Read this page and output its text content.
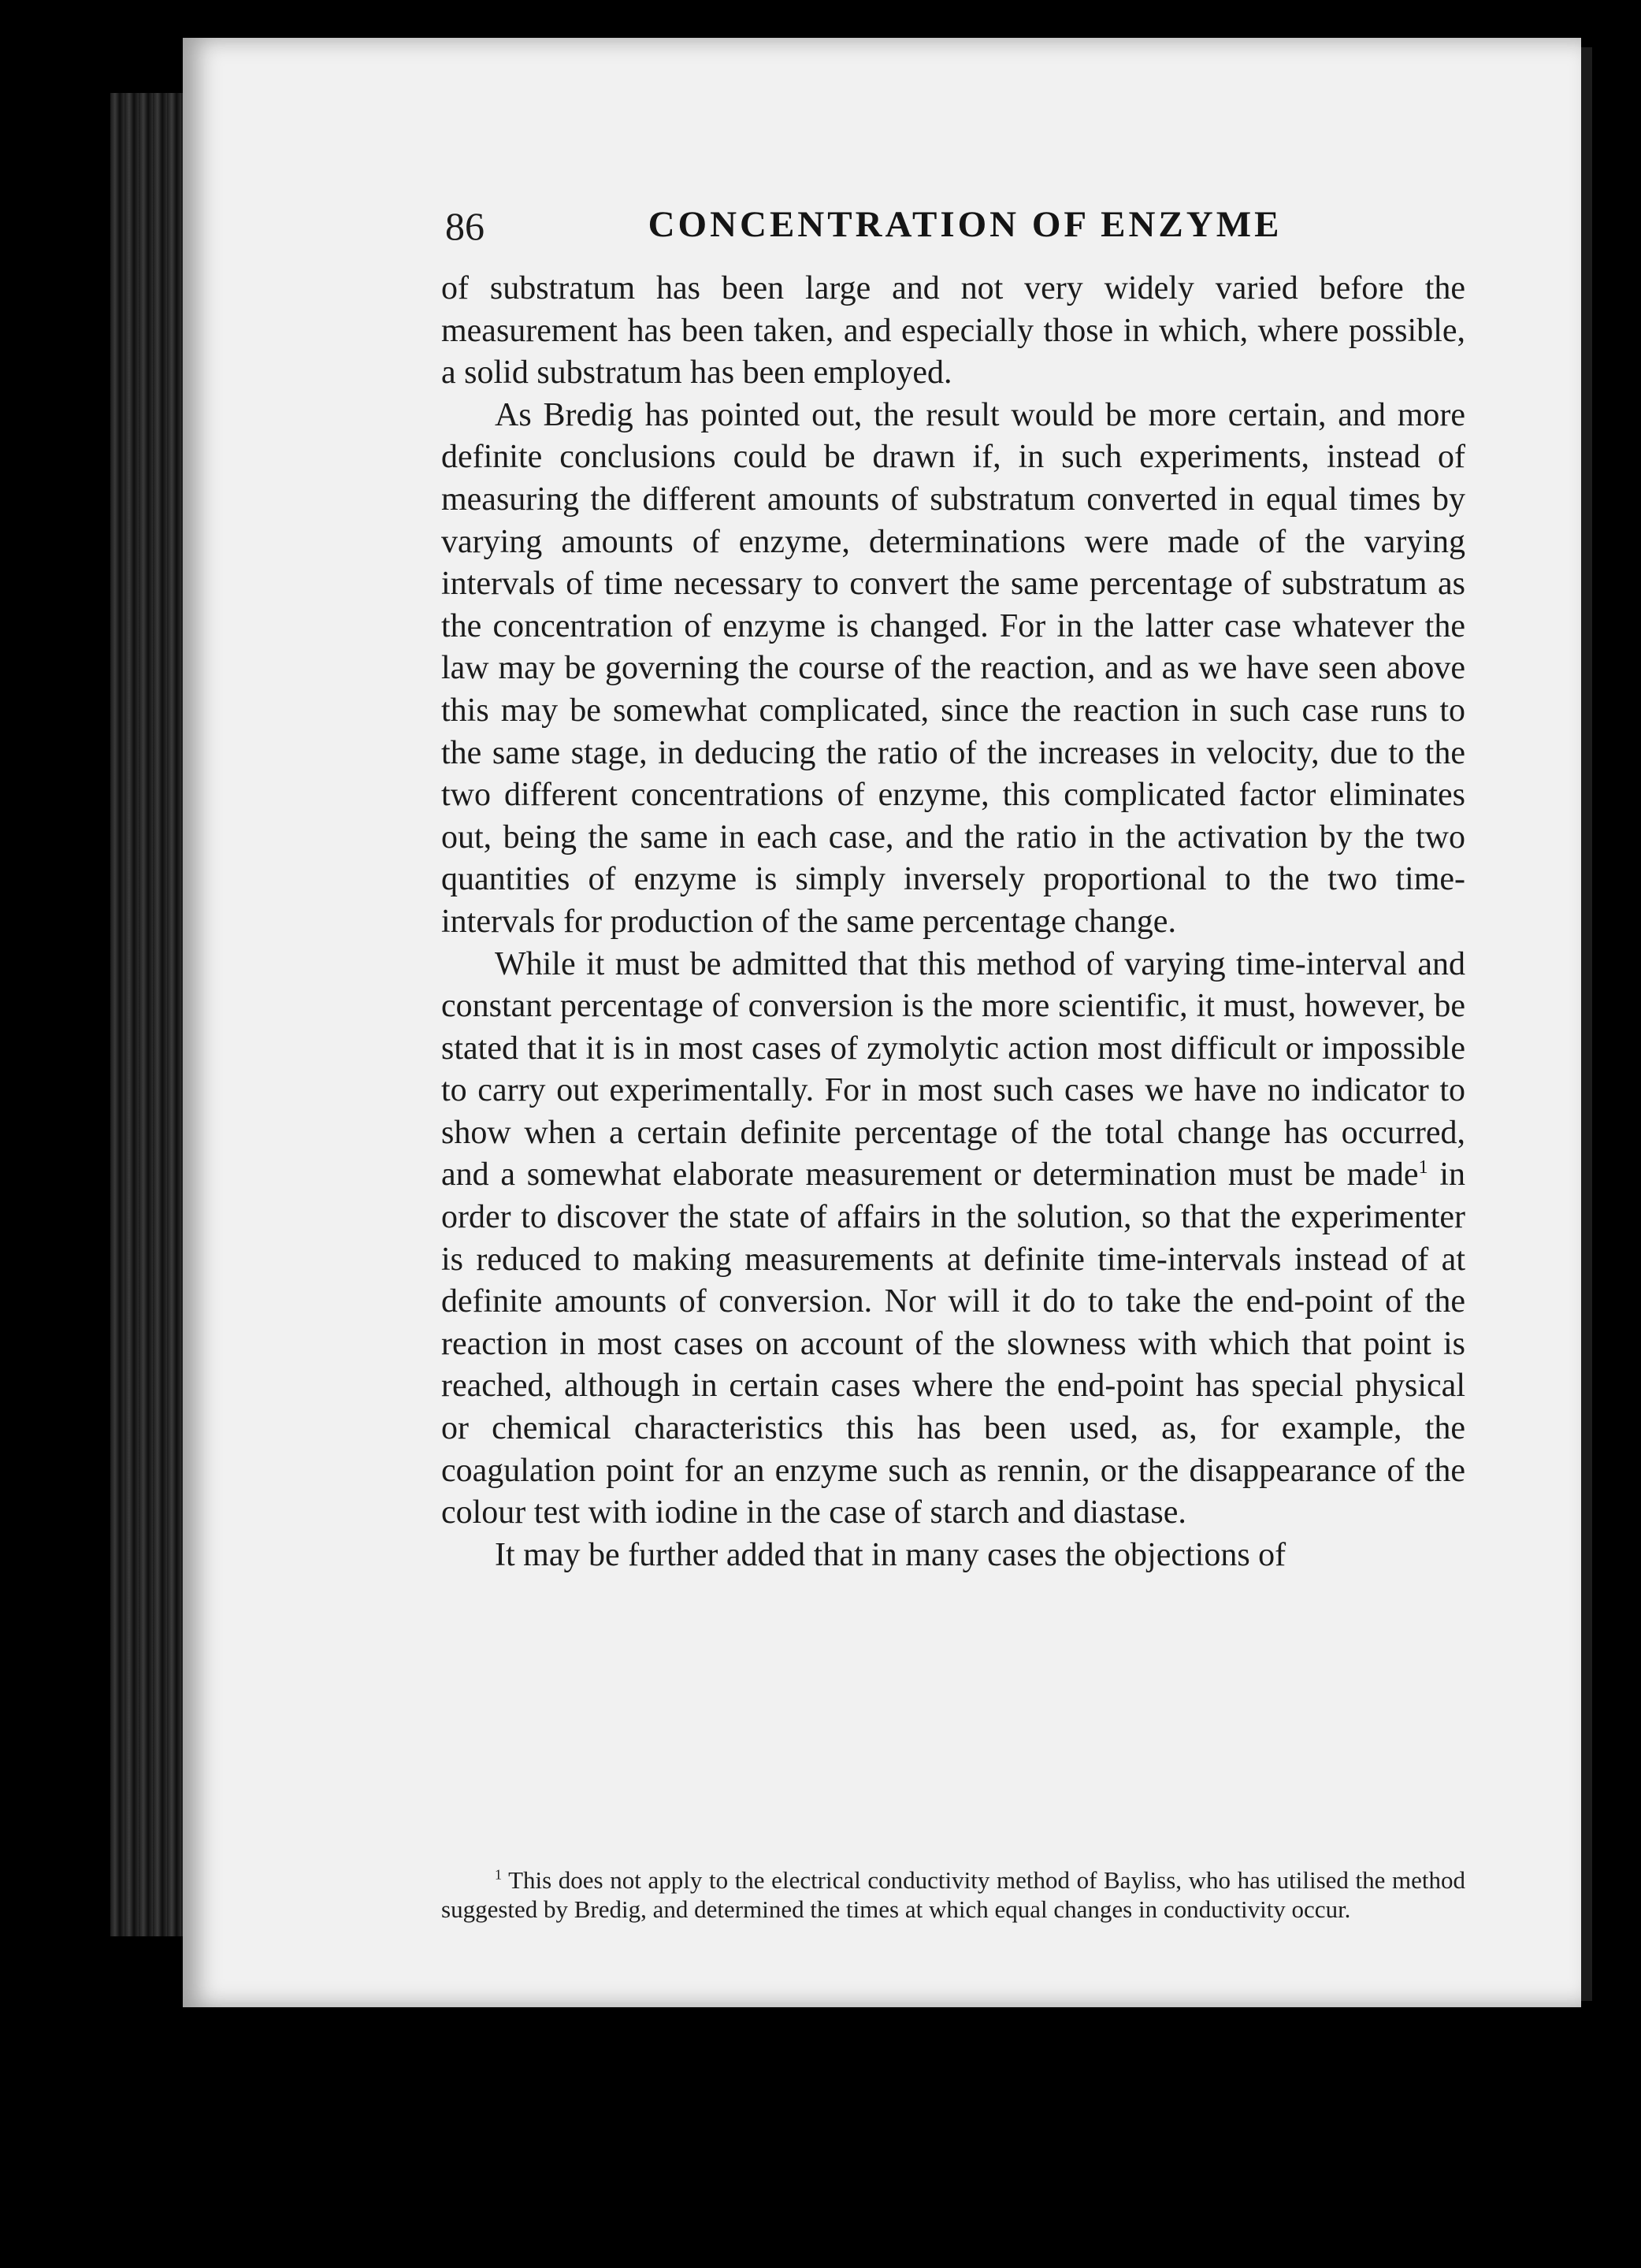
86	CONCENTRATION OF ENZYME

of substratum has been large and not very widely varied before the measurement has been taken, and especially those in which, where possible, a solid substratum has been employed.

As Bredig has pointed out, the result would be more certain, and more definite conclusions could be drawn if, in such experiments, instead of measuring the different amounts of substratum converted in equal times by varying amounts of enzyme, determinations were made of the varying intervals of time necessary to convert the same percentage of substratum as the concentration of enzyme is changed. For in the latter case whatever the law may be governing the course of the reaction, and as we have seen above this may be somewhat complicated, since the reaction in such case runs to the same stage, in deducing the ratio of the increases in velocity, due to the two different concentrations of enzyme, this complicated factor eliminates out, being the same in each case, and the ratio in the activation by the two quantities of enzyme is simply inversely proportional to the two time-intervals for production of the same percentage change.

While it must be admitted that this method of varying time-interval and constant percentage of conversion is the more scientific, it must, however, be stated that it is in most cases of zymolytic action most difficult or impossible to carry out experimentally. For in most such cases we have no indicator to show when a certain definite percentage of the total change has occurred, and a somewhat elaborate measurement or determination must be made$^1$ in order to discover the state of affairs in the solution, so that the experimenter is reduced to making measurements at definite time-intervals instead of at definite amounts of conversion. Nor will it do to take the end-point of the reaction in most cases on account of the slowness with which that point is reached, although in certain cases where the end-point has special physical or chemical characteristics this has been used, as, for example, the coagulation point for an enzyme such as rennin, or the disappearance of the colour test with iodine in the case of starch and diastase.

It may be further added that in many cases the objections of

$^1$ This does not apply to the electrical conductivity method of Bayliss, who has utilised the method suggested by Bredig, and determined the times at which equal changes in conductivity occur.
